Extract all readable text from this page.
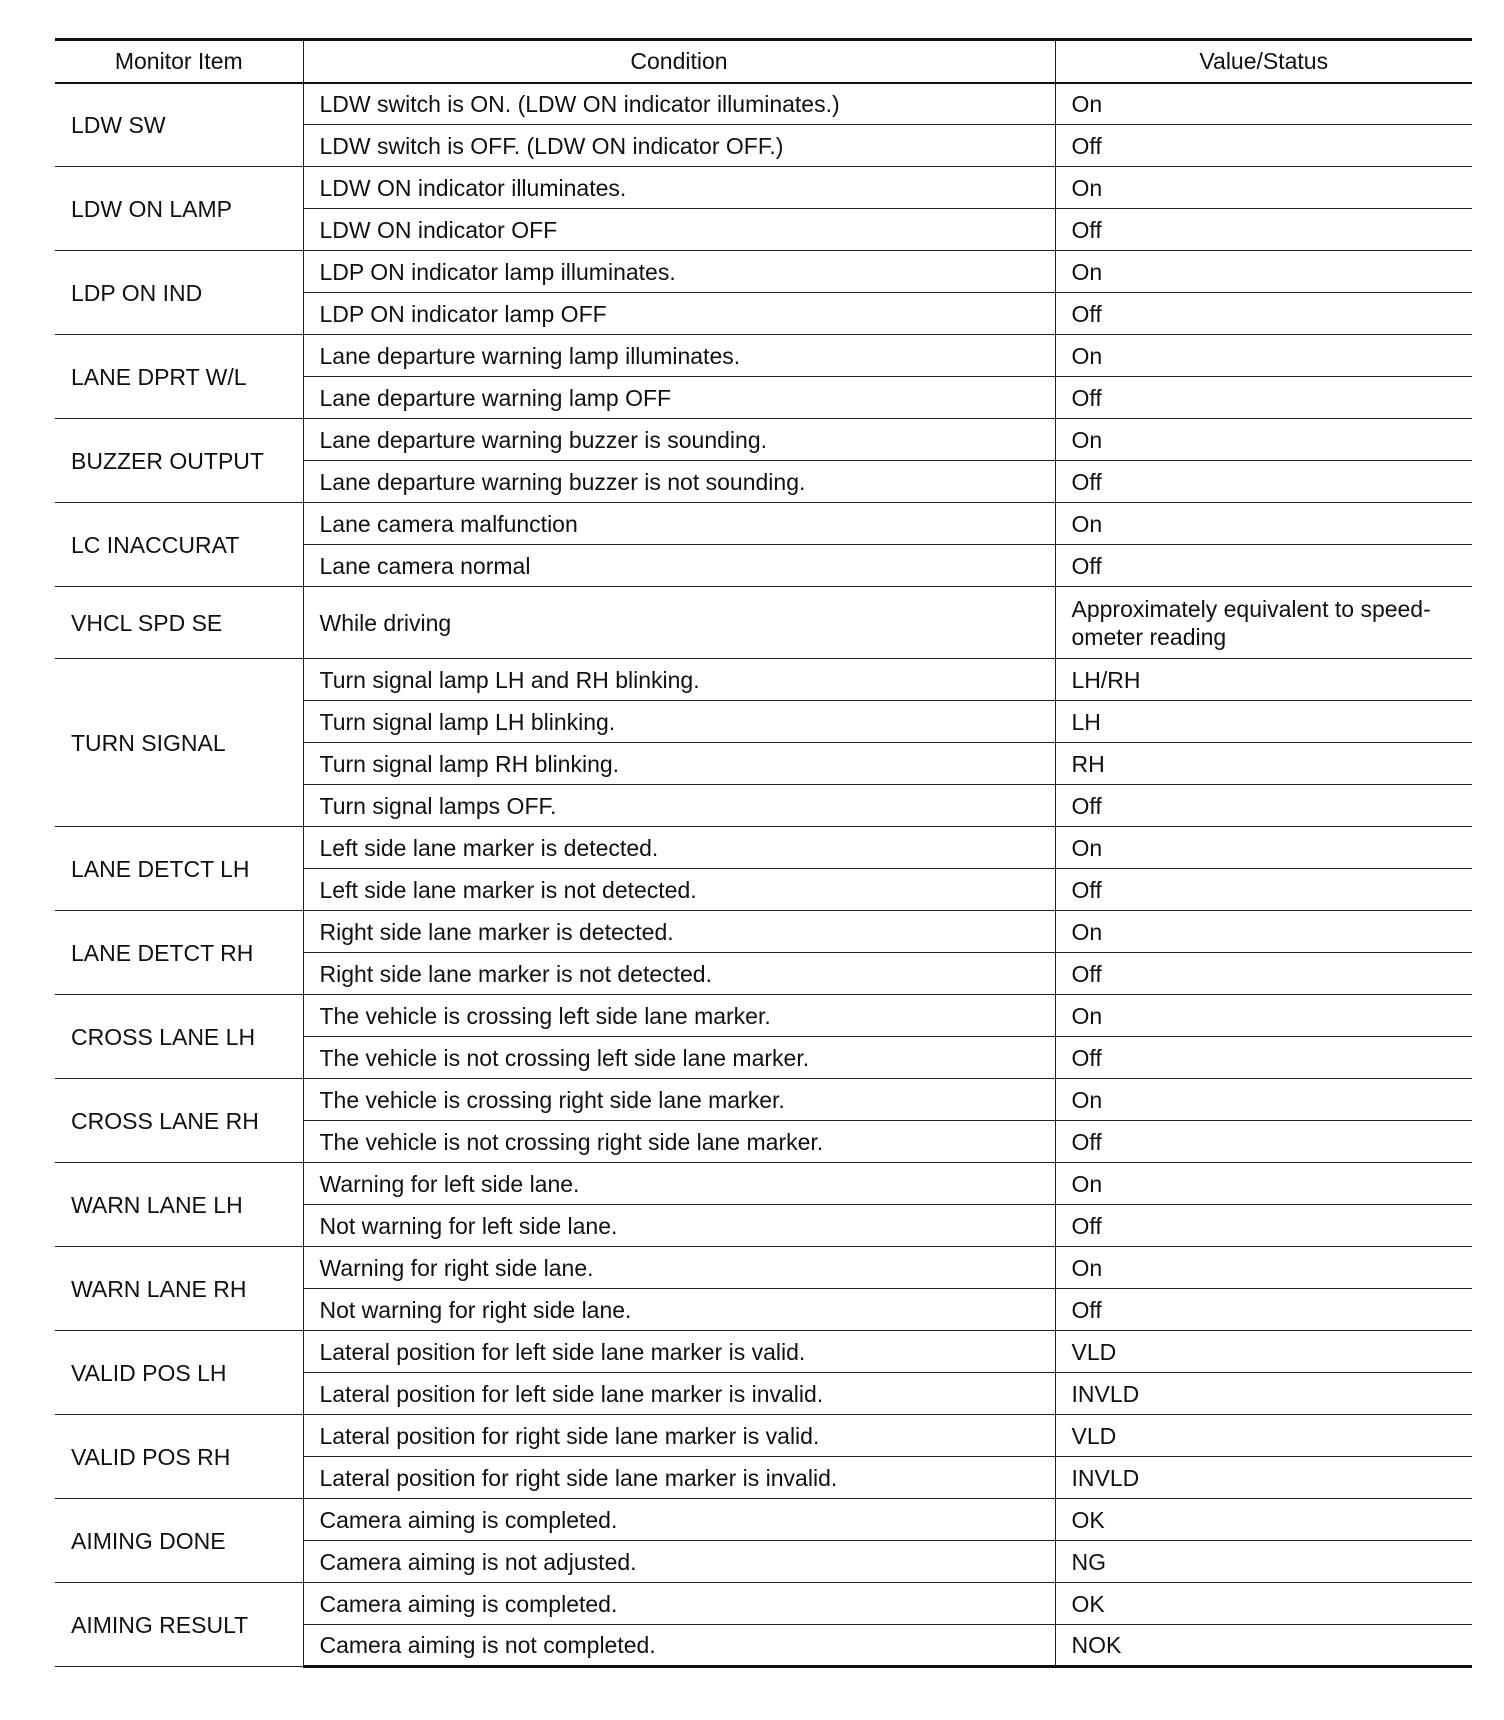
Monitor Item	Condition	Value/Status
LDW SW	LDW switch is ON. (LDW ON indicator illuminates.)	On
	LDW switch is OFF. (LDW ON indicator OFF.)	Off
LDW ON LAMP	LDW ON indicator illuminates.	On
	LDW ON indicator OFF	Off
LDP ON IND	LDP ON indicator lamp illuminates.	On
	LDP ON indicator lamp OFF	Off
LANE DPRT W/L	Lane departure warning lamp illuminates.	On
	Lane departure warning lamp OFF	Off
BUZZER OUTPUT	Lane departure warning buzzer is sounding.	On
	Lane departure warning buzzer is not sounding.	Off
LC INACCURAT	Lane camera malfunction	On
	Lane camera normal	Off
VHCL SPD SE	While driving	Approximately equivalent to speed-ometer reading
TURN SIGNAL	Turn signal lamp LH and RH blinking.	LH/RH
	Turn signal lamp LH blinking.	LH
	Turn signal lamp RH blinking.	RH
	Turn signal lamps OFF.	Off
LANE DETCT LH	Left side lane marker is detected.	On
	Left side lane marker is not detected.	Off
LANE DETCT RH	Right side lane marker is detected.	On
	Right side lane marker is not detected.	Off
CROSS LANE LH	The vehicle is crossing left side lane marker.	On
	The vehicle is not crossing left side lane marker.	Off
CROSS LANE RH	The vehicle is crossing right side lane marker.	On
	The vehicle is not crossing right side lane marker.	Off
WARN LANE LH	Warning for left side lane.	On
	Not warning for left side lane.	Off
WARN LANE RH	Warning for right side lane.	On
	Not warning for right side lane.	Off
VALID POS LH	Lateral position for left side lane marker is valid.	VLD
	Lateral position for left side lane marker is invalid.	INVLD
VALID POS RH	Lateral position for right side lane marker is valid.	VLD
	Lateral position for right side lane marker is invalid.	INVLD
AIMING DONE	Camera aiming is completed.	OK
	Camera aiming is not adjusted.	NG
AIMING RESULT	Camera aiming is completed.	OK
	Camera aiming is not completed.	NOK
